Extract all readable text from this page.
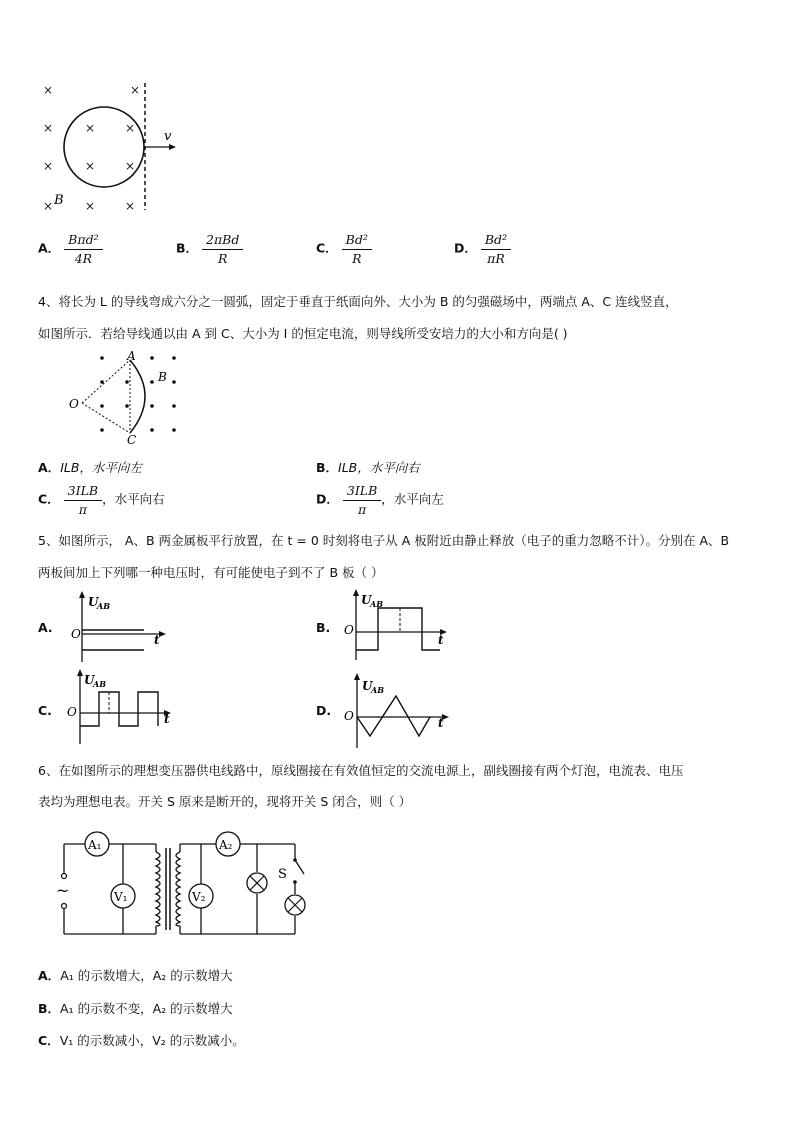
×	×
×	× ×
×	× ×
×	× ×
B
v
A． $\frac{\text{Bπd²}}{4R}$	B． $\frac{\text{2πBd}}{R}$	C． $\frac{\text{Bd²}}{R}$	D． $\frac{\text{Bd²}}{\pi R}$
4、将长为 L 的导线弯成六分之一圆弧，固定于垂直于纸面向外、大小为 B 的匀强磁场中，两端点 A、C 连线竖直，
如图所示．若给导线通以由 A 到 C、大小为 I 的恒定电流，则导线所受安培力的大小和方向是( )
A
B
C
O
A．ILB，水平向左	B．ILB，水平向右
C． $\frac{\text{3ILB}}{\pi}$ ，水平向右	D． $\frac{\text{3ILB}}{\pi}$ ，水平向左
5、如图所示， A、B 两金属板平行放置，在 t = 0 时刻将电子从 A 板附近由静止释放（电子的重力忽略不计）。分别在 A、B
两板间加上下列哪一种电压时，有可能使电子到不了 B 板（ ）
A.
U
AB
O	t
B.
U
AB
O
t
C.
U
AB
O	t
D.
U
AB
O	t
6、在如图所示的理想变压器供电线路中，原线圈接在有效值恒定的交流电源上，副线圈接有两个灯泡，电流表、电压
表均为理想电表。开关 S 原来是断开的，现将开关 S 闭合，则（ ）
~
A₁
V₁
A₂
V₂
S
A．A₁ 的示数增大，A₂ 的示数增大
B．A₁ 的示数不变，A₂ 的示数增大
C．V₁ 的示数减小，V₂ 的示数减小。
